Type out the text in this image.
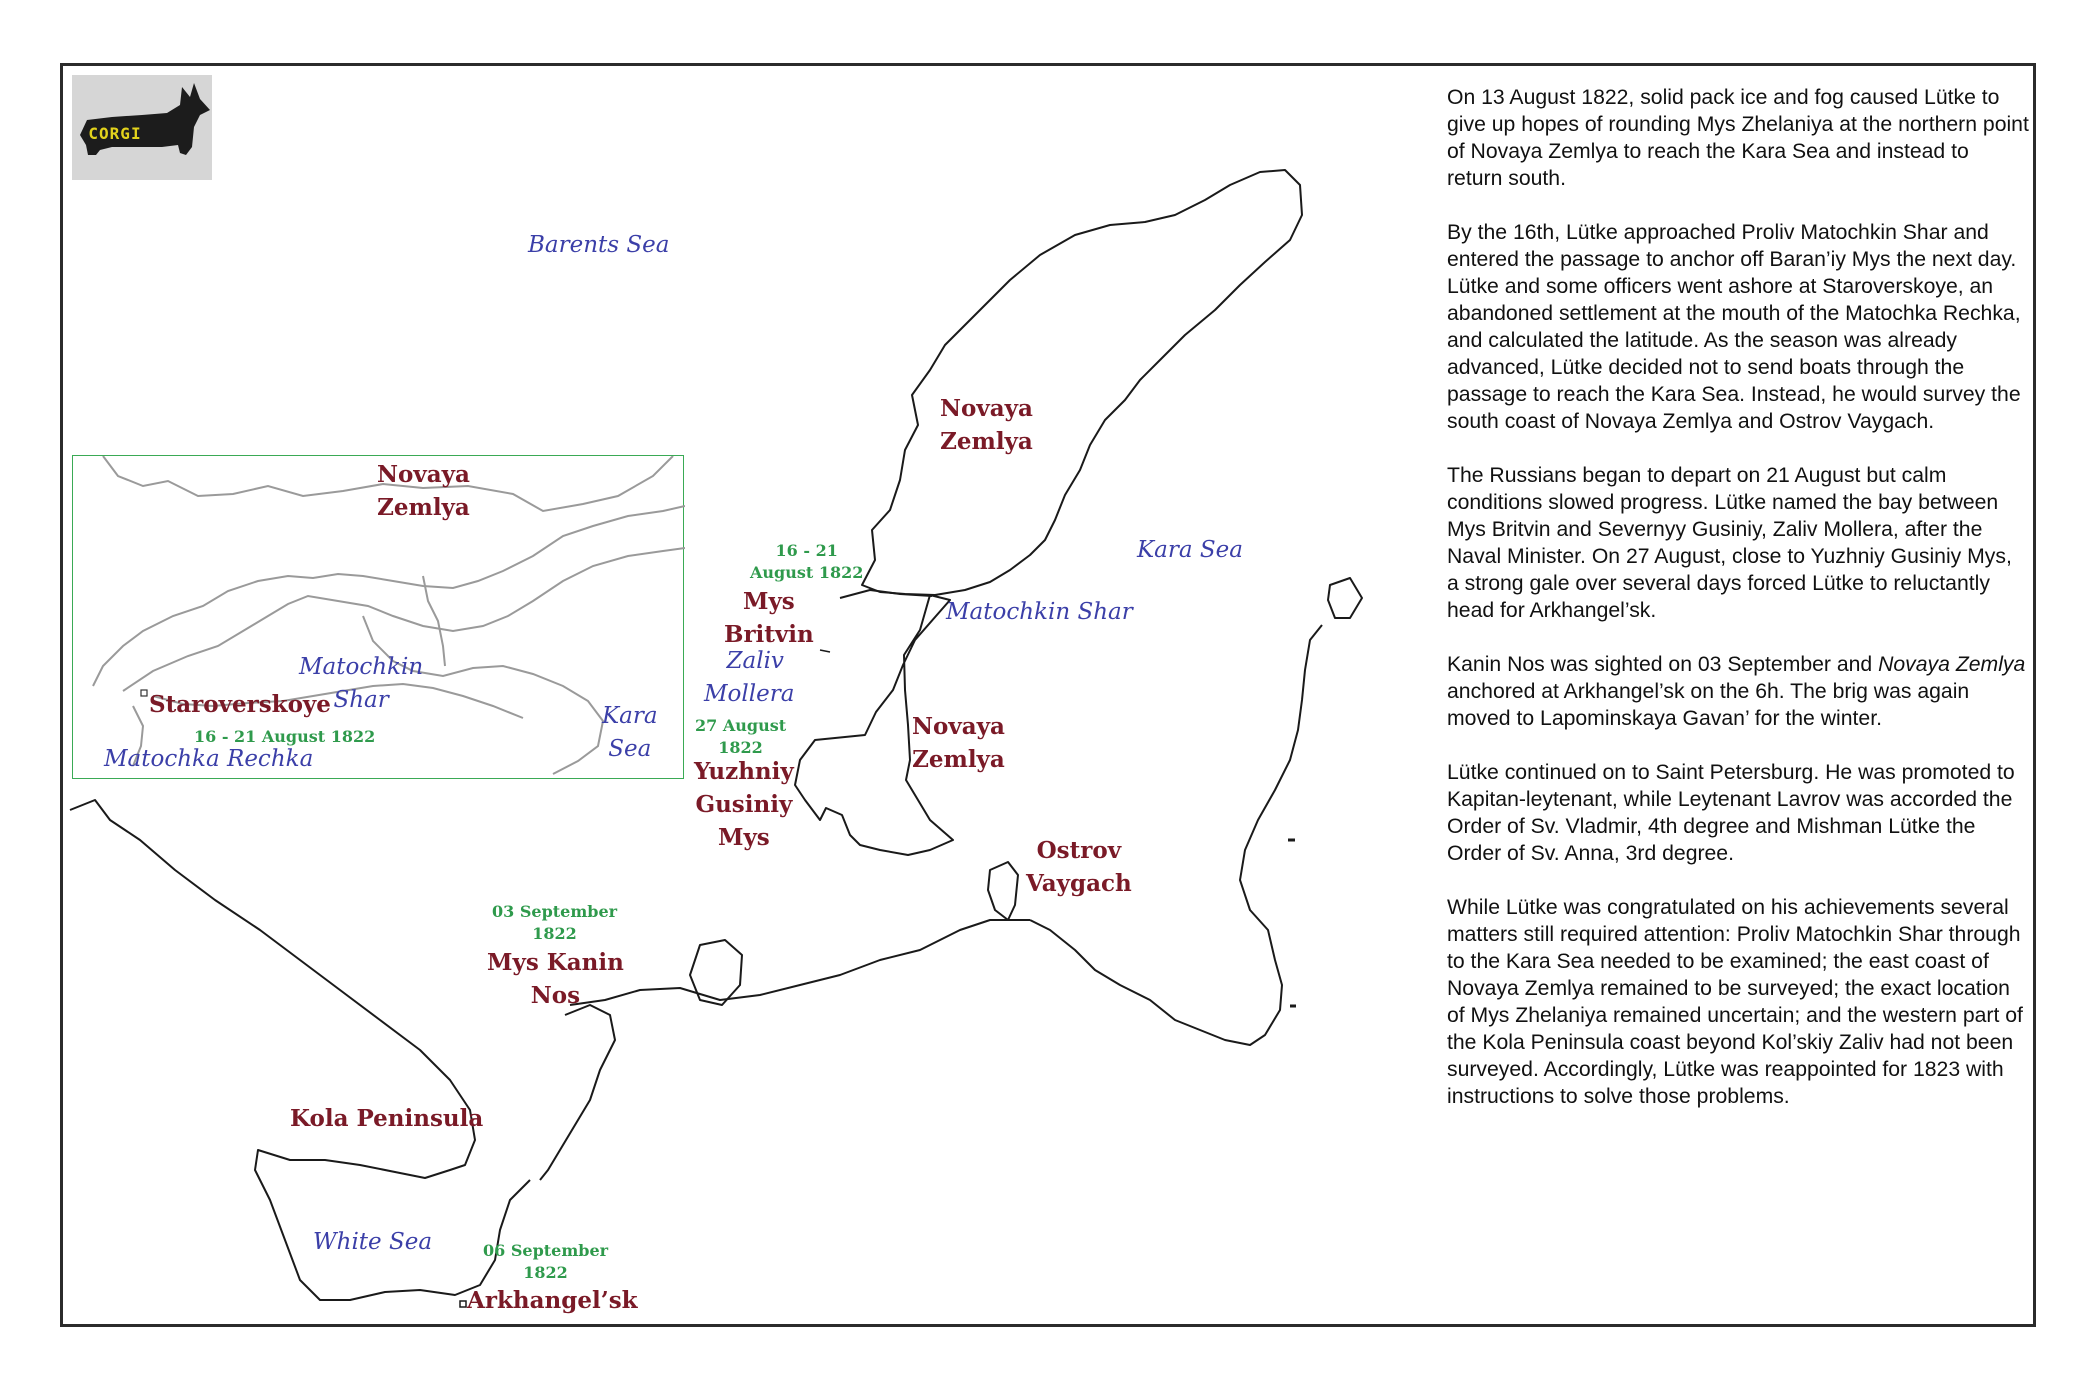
CORGI
Barents Sea
Kara Sea
Matochkin Shar
White Sea
Zaliv
Mollera
Novaya
Zemlya
Novaya
Zemlya
Mys
Britvin
Yuzhniy
Gusiniy
Mys	Ostrov
Vaygach
Mys Kanin
Nos
Kola Peninsula
Arkhangel’sk
16 - 21
August 1822
27 August
1822
03 September
1822
06 September
1822
Novaya
Zemlya
Matochkin
Shar
Kara
Sea
Staroverskoye
16 - 21 August 1822
Matochka Rechka

On 13 August 1822, solid pack ice and fog caused Lütke to give up hopes of rounding Mys Zhelaniya at the northern point of Novaya Zemlya to reach the Kara Sea and instead to return south.

By the 16th, Lütke approached Proliv Matochkin Shar and entered the passage to anchor off Baran’iy Mys the next day. Lütke and some officers went ashore at Staroverskoye, an abandoned settlement at the mouth of the Matochka Rechka, and calculated the latitude. As the season was already advanced, Lütke decided not to send boats through the passage to reach the Kara Sea. Instead, he would survey the south coast of Novaya Zemlya and Ostrov Vaygach.

The Russians began to depart on 21 August but calm conditions slowed progress. Lütke named the bay between Mys Britvin and Severnyy Gusiniy, Zaliv Mollera, after the Naval Minister. On 27 August, close to Yuzhniy Gusiniy Mys, a strong gale over several days forced Lütke to reluctantly head for Arkhangel’sk.

Kanin Nos was sighted on 03 September and Novaya Zemlya anchored at Arkhangel’sk on the 6h. The brig was again moved to Lapominskaya Gavan’ for the winter.

Lütke continued on to Saint Petersburg. He was promoted to Kapitan-leytenant, while Leytenant Lavrov was accorded the Order of Sv. Vladmir, 4th degree and Mishman Lütke the Order of Sv. Anna, 3rd degree.

While Lütke was congratulated on his achievements several matters still required attention: Proliv Matochkin Shar through to the Kara Sea needed to be examined; the east coast of Novaya Zemlya remained to be surveyed; the exact location of Mys Zhelaniya remained uncertain; and the western part of the Kola Peninsula coast beyond Kol’skiy Zaliv had not been surveyed. Accordingly, Lütke was reappointed for 1823 with instructions to solve those problems.
